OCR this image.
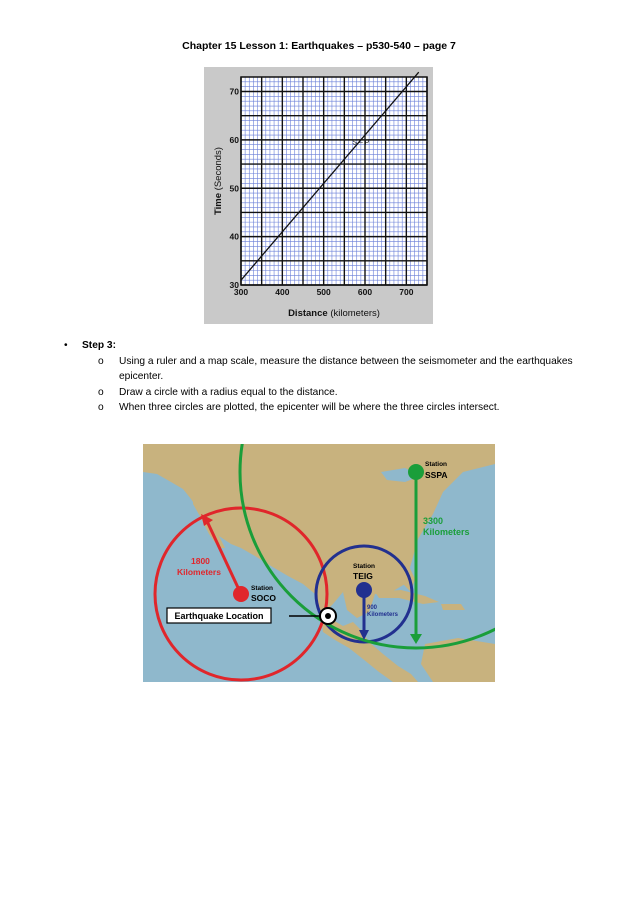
Chapter 15 Lesson 1: Earthquakes – p530-540 – page 7
S – P
300	400	500	600	700
30
40
50
60
70
Distance (kilometers)
Time (Seconds)
• Step 3:
o Using a ruler and a map scale, measure the distance between the seismometer and the earthquakes epicenter.
o Draw a circle with a radius equal to the distance.
o When three circles are plotted, the epicenter will be where the three circles intersect.
Earthquake Location
Station
SSPA
3300
Kilometers
Station
SOCO
1800
Kilometers
Station
TEIG
900
Kilometers
